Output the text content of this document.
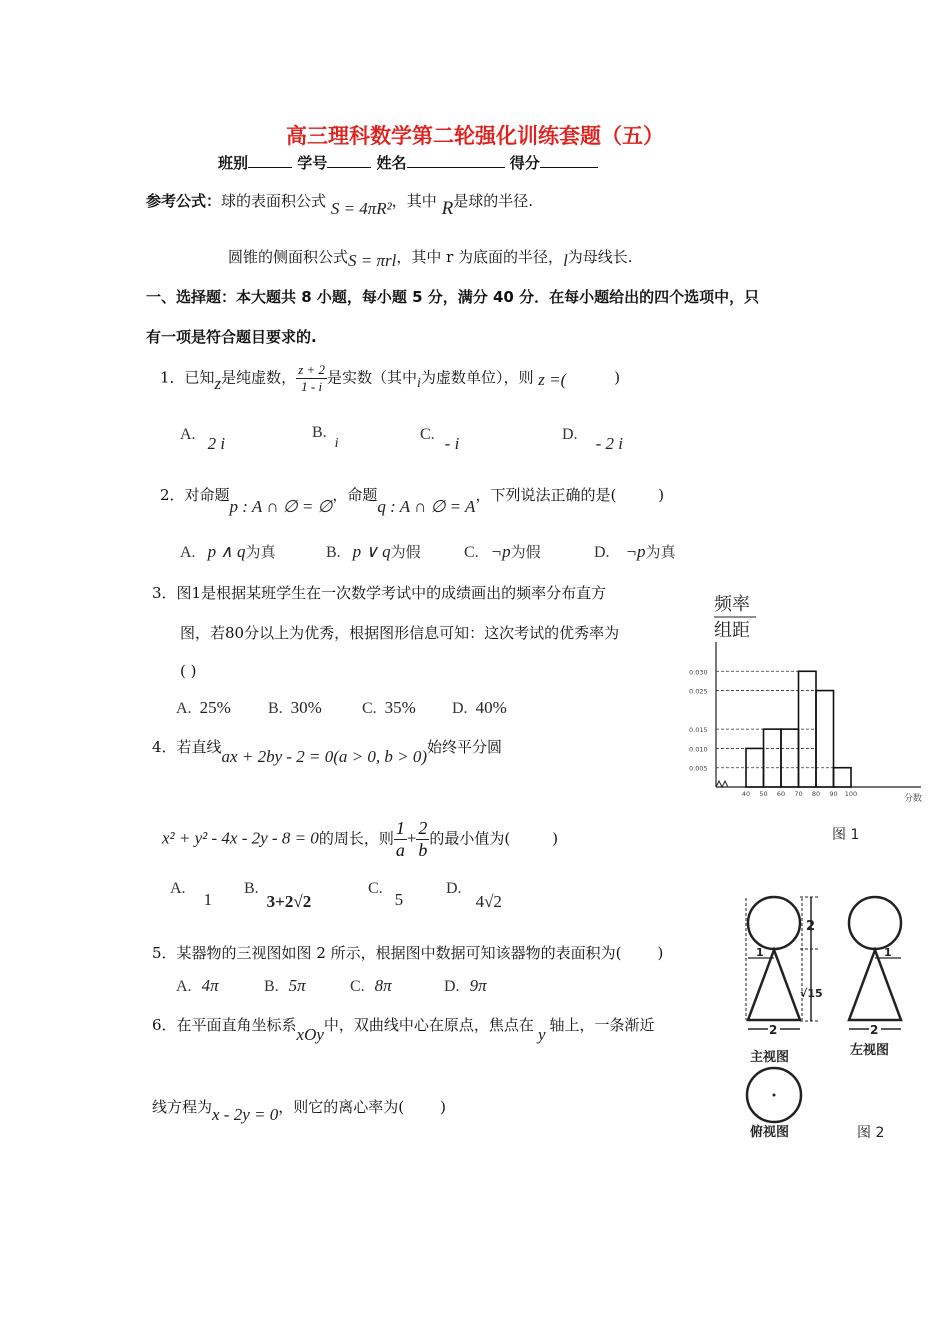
高三理科数学第二轮强化训练套题（五）
班别	学号	姓名	得分
参考公式：球的表面积公式 S = 4πR²，其中 R是球的半径.
圆锥的侧面积公式S = πrl，其中 r 为底面的半径，l为母线长.
一、选择题：本大题共 8 小题，每小题 5 分，满分 40 分．在每小题给出的四个选项中，只
有一项是符合题目要求的.
1．已知z是纯虚数， $\frac{z + 2}{1 - i}$ 是实数（其中i为虚数单位），则 z =(	)
A. 2 i
B. i
C. - i	D. - 2 i
2．对命题p : A ∩ ∅ = ∅，命题q : A ∩ ∅ = A，下列说法正确的是(	)
A. p ∧ q为真	B. p ∨ q为假	C. ¬p为假	D. ¬p为真
3．图1是根据某班学生在一次数学考试中的成绩画出的频率分布直方
图，若80分以上为优秀，根据图形信息可知：这次考试的优秀率为
( )
A. 25% B. 30%	C. 35% D. 40%
4．若直线ax + 2by - 2 = 0(a > 0, b > 0)始终平分圆
x² + y² - 4x - 2y - 8 = 0的周长，则 $\frac{1}{a} + \frac{2}{b}$ 的最小值为(	)
A. 1
B. 3+2√2
C. 5
D. 4√2
5．某器物的三视图如图 2 所示，根据图中数据可知该器物的表面积为( )
A. 4π	B. 5π	C. 8π	D. 9π
6．在平面直角坐标系xOy中，双曲线中心在原点，焦点在 y 轴上，一条渐近
线方程为x - 2y = 0，则它的离心率为( )
频率
组距
0.005
0.010
0.015
0.025
0.030
40 50 60 70 80 90 100	分数
图 1
2
√15
1
2
主视图
1
2
左视图
俯视图	图 2
